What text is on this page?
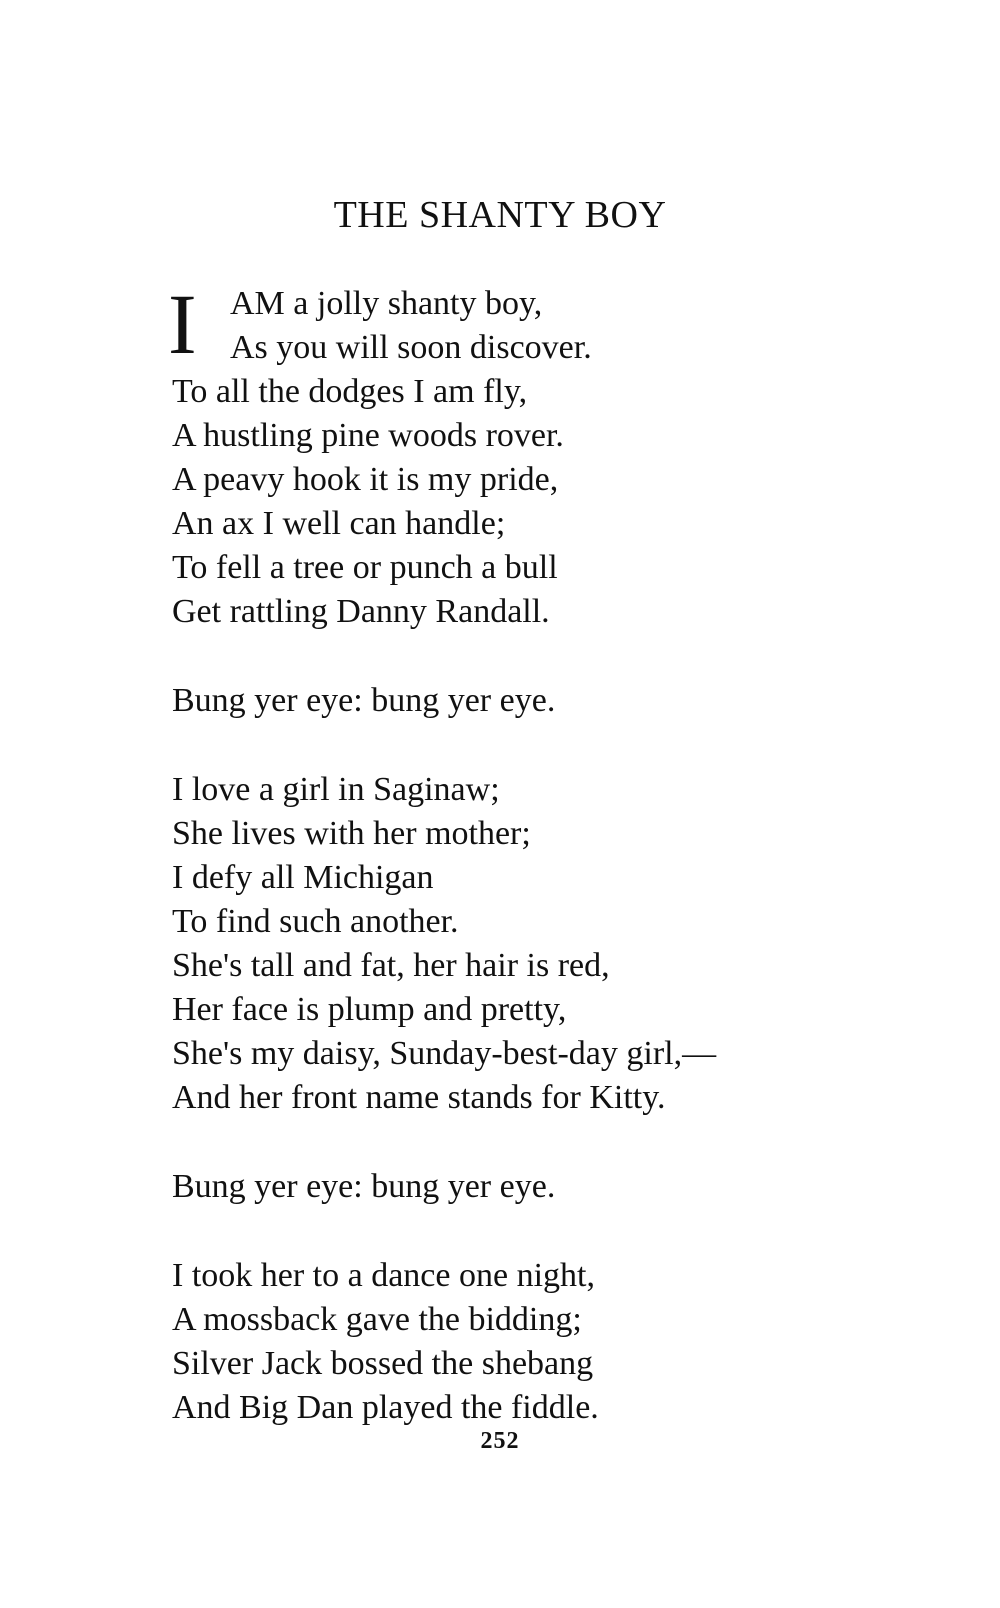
THE SHANTY BOY
I AM a jolly shanty boy,
As you will soon discover.
To all the dodges I am fly,
A hustling pine woods rover.
A peavy hook it is my pride,
An ax I well can handle;
To fell a tree or punch a bull
Get rattling Danny Randall.
Bung yer eye: bung yer eye.
I love a girl in Saginaw;
She lives with her mother;
I defy all Michigan
To find such another.
She's tall and fat, her hair is red,
Her face is plump and pretty,
She's my daisy, Sunday-best-day girl,—
And her front name stands for Kitty.
Bung yer eye: bung yer eye.
I took her to a dance one night,
A mossback gave the bidding;
Silver Jack bossed the shebang
And Big Dan played the fiddle.
252
